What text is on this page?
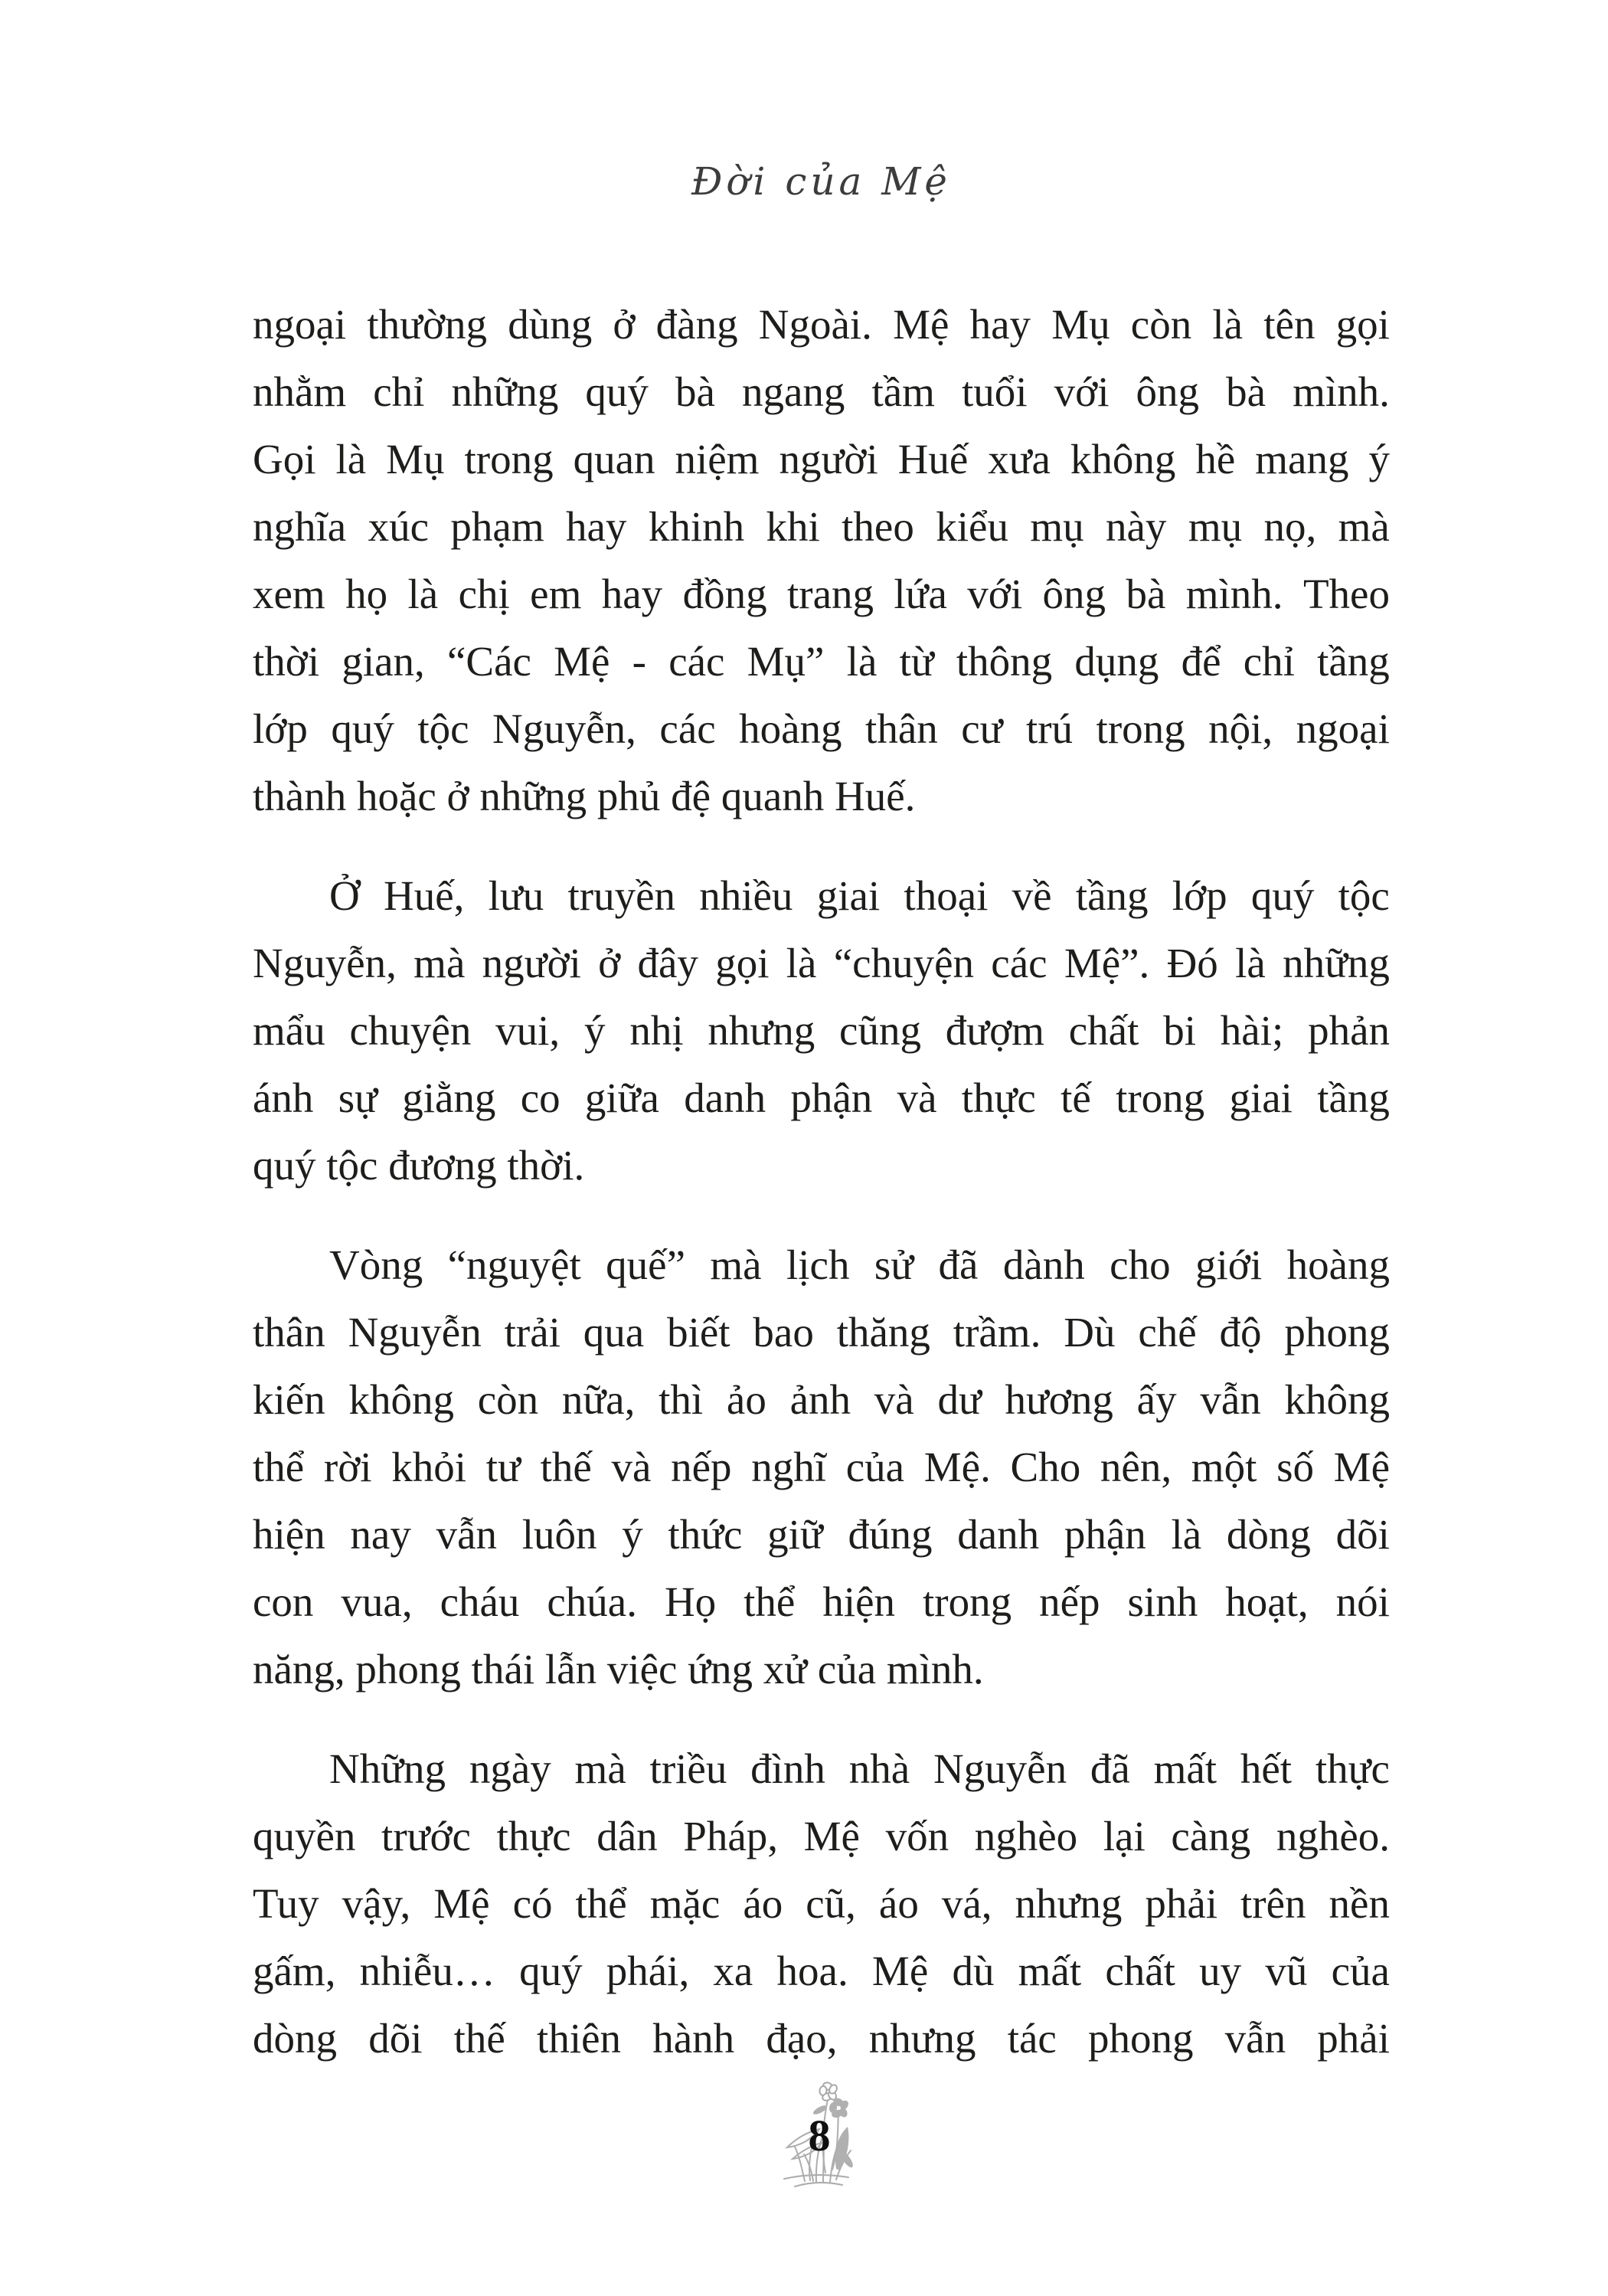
Đời của Mệ
ngoại thường dùng ở đàng Ngoài. Mệ hay Mụ còn là tên gọi
nhằm chỉ những quý bà ngang tầm tuổi với ông bà mình.
Gọi là Mụ trong quan niệm người Huế xưa không hề mang ý
nghĩa xúc phạm hay khinh khi theo kiểu mụ này mụ nọ, mà
xem họ là chị em hay đồng trang lứa với ông bà mình. Theo
thời gian, “Các Mệ - các Mụ” là từ thông dụng để chỉ tầng
lớp quý tộc Nguyễn, các hoàng thân cư trú trong nội, ngoại
thành hoặc ở những phủ đệ quanh Huế.
Ở Huế, lưu truyền nhiều giai thoại về tầng lớp quý tộc
Nguyễn, mà người ở đây gọi là “chuyện các Mệ”. Đó là những
mẩu chuyện vui, ý nhị nhưng cũng đượm chất bi hài; phản
ánh sự giằng co giữa danh phận và thực tế trong giai tầng
quý tộc đương thời.
Vòng “nguyệt quế” mà lịch sử đã dành cho giới hoàng
thân Nguyễn trải qua biết bao thăng trầm. Dù chế độ phong
kiến không còn nữa, thì ảo ảnh và dư hương ấy vẫn không
thể rời khỏi tư thế và nếp nghĩ của Mệ. Cho nên, một số Mệ
hiện nay vẫn luôn ý thức giữ đúng danh phận là dòng dõi
con vua, cháu chúa. Họ thể hiện trong nếp sinh hoạt, nói
năng, phong thái lẫn việc ứng xử của mình.
Những ngày mà triều đình nhà Nguyễn đã mất hết thực
quyền trước thực dân Pháp, Mệ vốn nghèo lại càng nghèo.
Tuy vậy, Mệ có thể mặc áo cũ, áo vá, nhưng phải trên nền
gấm, nhiễu… quý phái, xa hoa. Mệ dù mất chất uy vũ của
dòng dõi thế thiên hành đạo, nhưng tác phong vẫn phải
8
